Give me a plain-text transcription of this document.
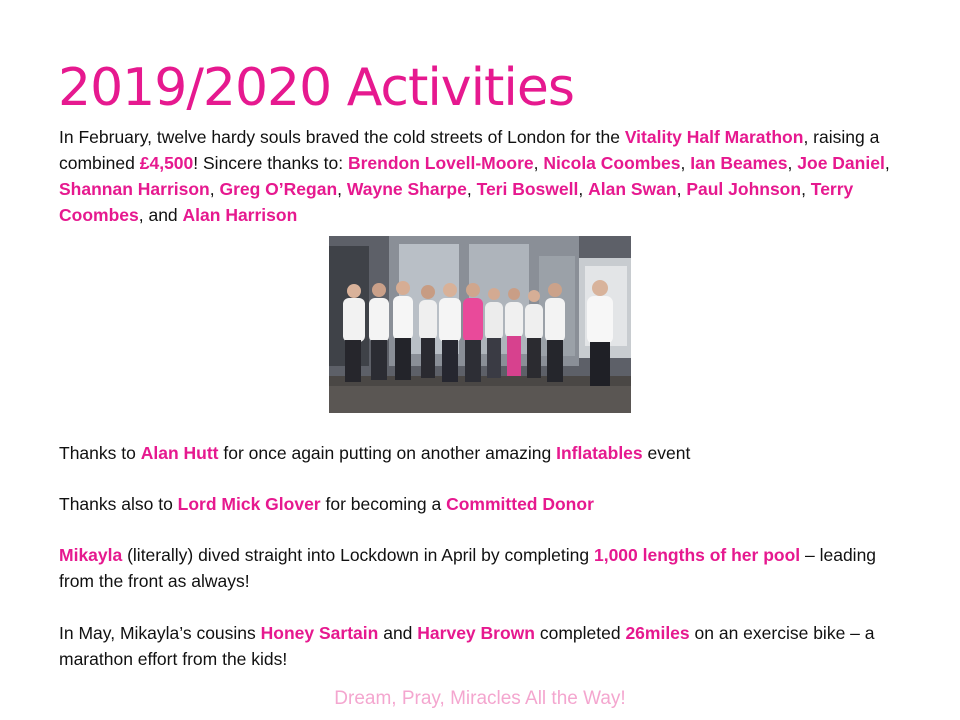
2019/2020 Activities
In February, twelve hardy souls braved the cold streets of London for the Vitality Half Marathon, raising a combined £4,500! Sincere thanks to: Brendon Lovell-Moore, Nicola Coombes, Ian Beames, Joe Daniel, Shannan Harrison, Greg O’Regan, Wayne Sharpe, Teri Boswell, Alan Swan, Paul Johnson, Terry Coombes, and Alan Harrison
Thanks to Alan Hutt for once again putting on another amazing Inflatables event
Thanks also to Lord Mick Glover for becoming a Committed Donor
Mikayla (literally) dived straight into Lockdown in April by completing 1,000 lengths of her pool – leading from the front as always!
In May, Mikayla’s cousins Honey Sartain and Harvey Brown completed 26miles on an exercise bike – a marathon effort from the kids!
Dream, Pray, Miracles All the Way!
